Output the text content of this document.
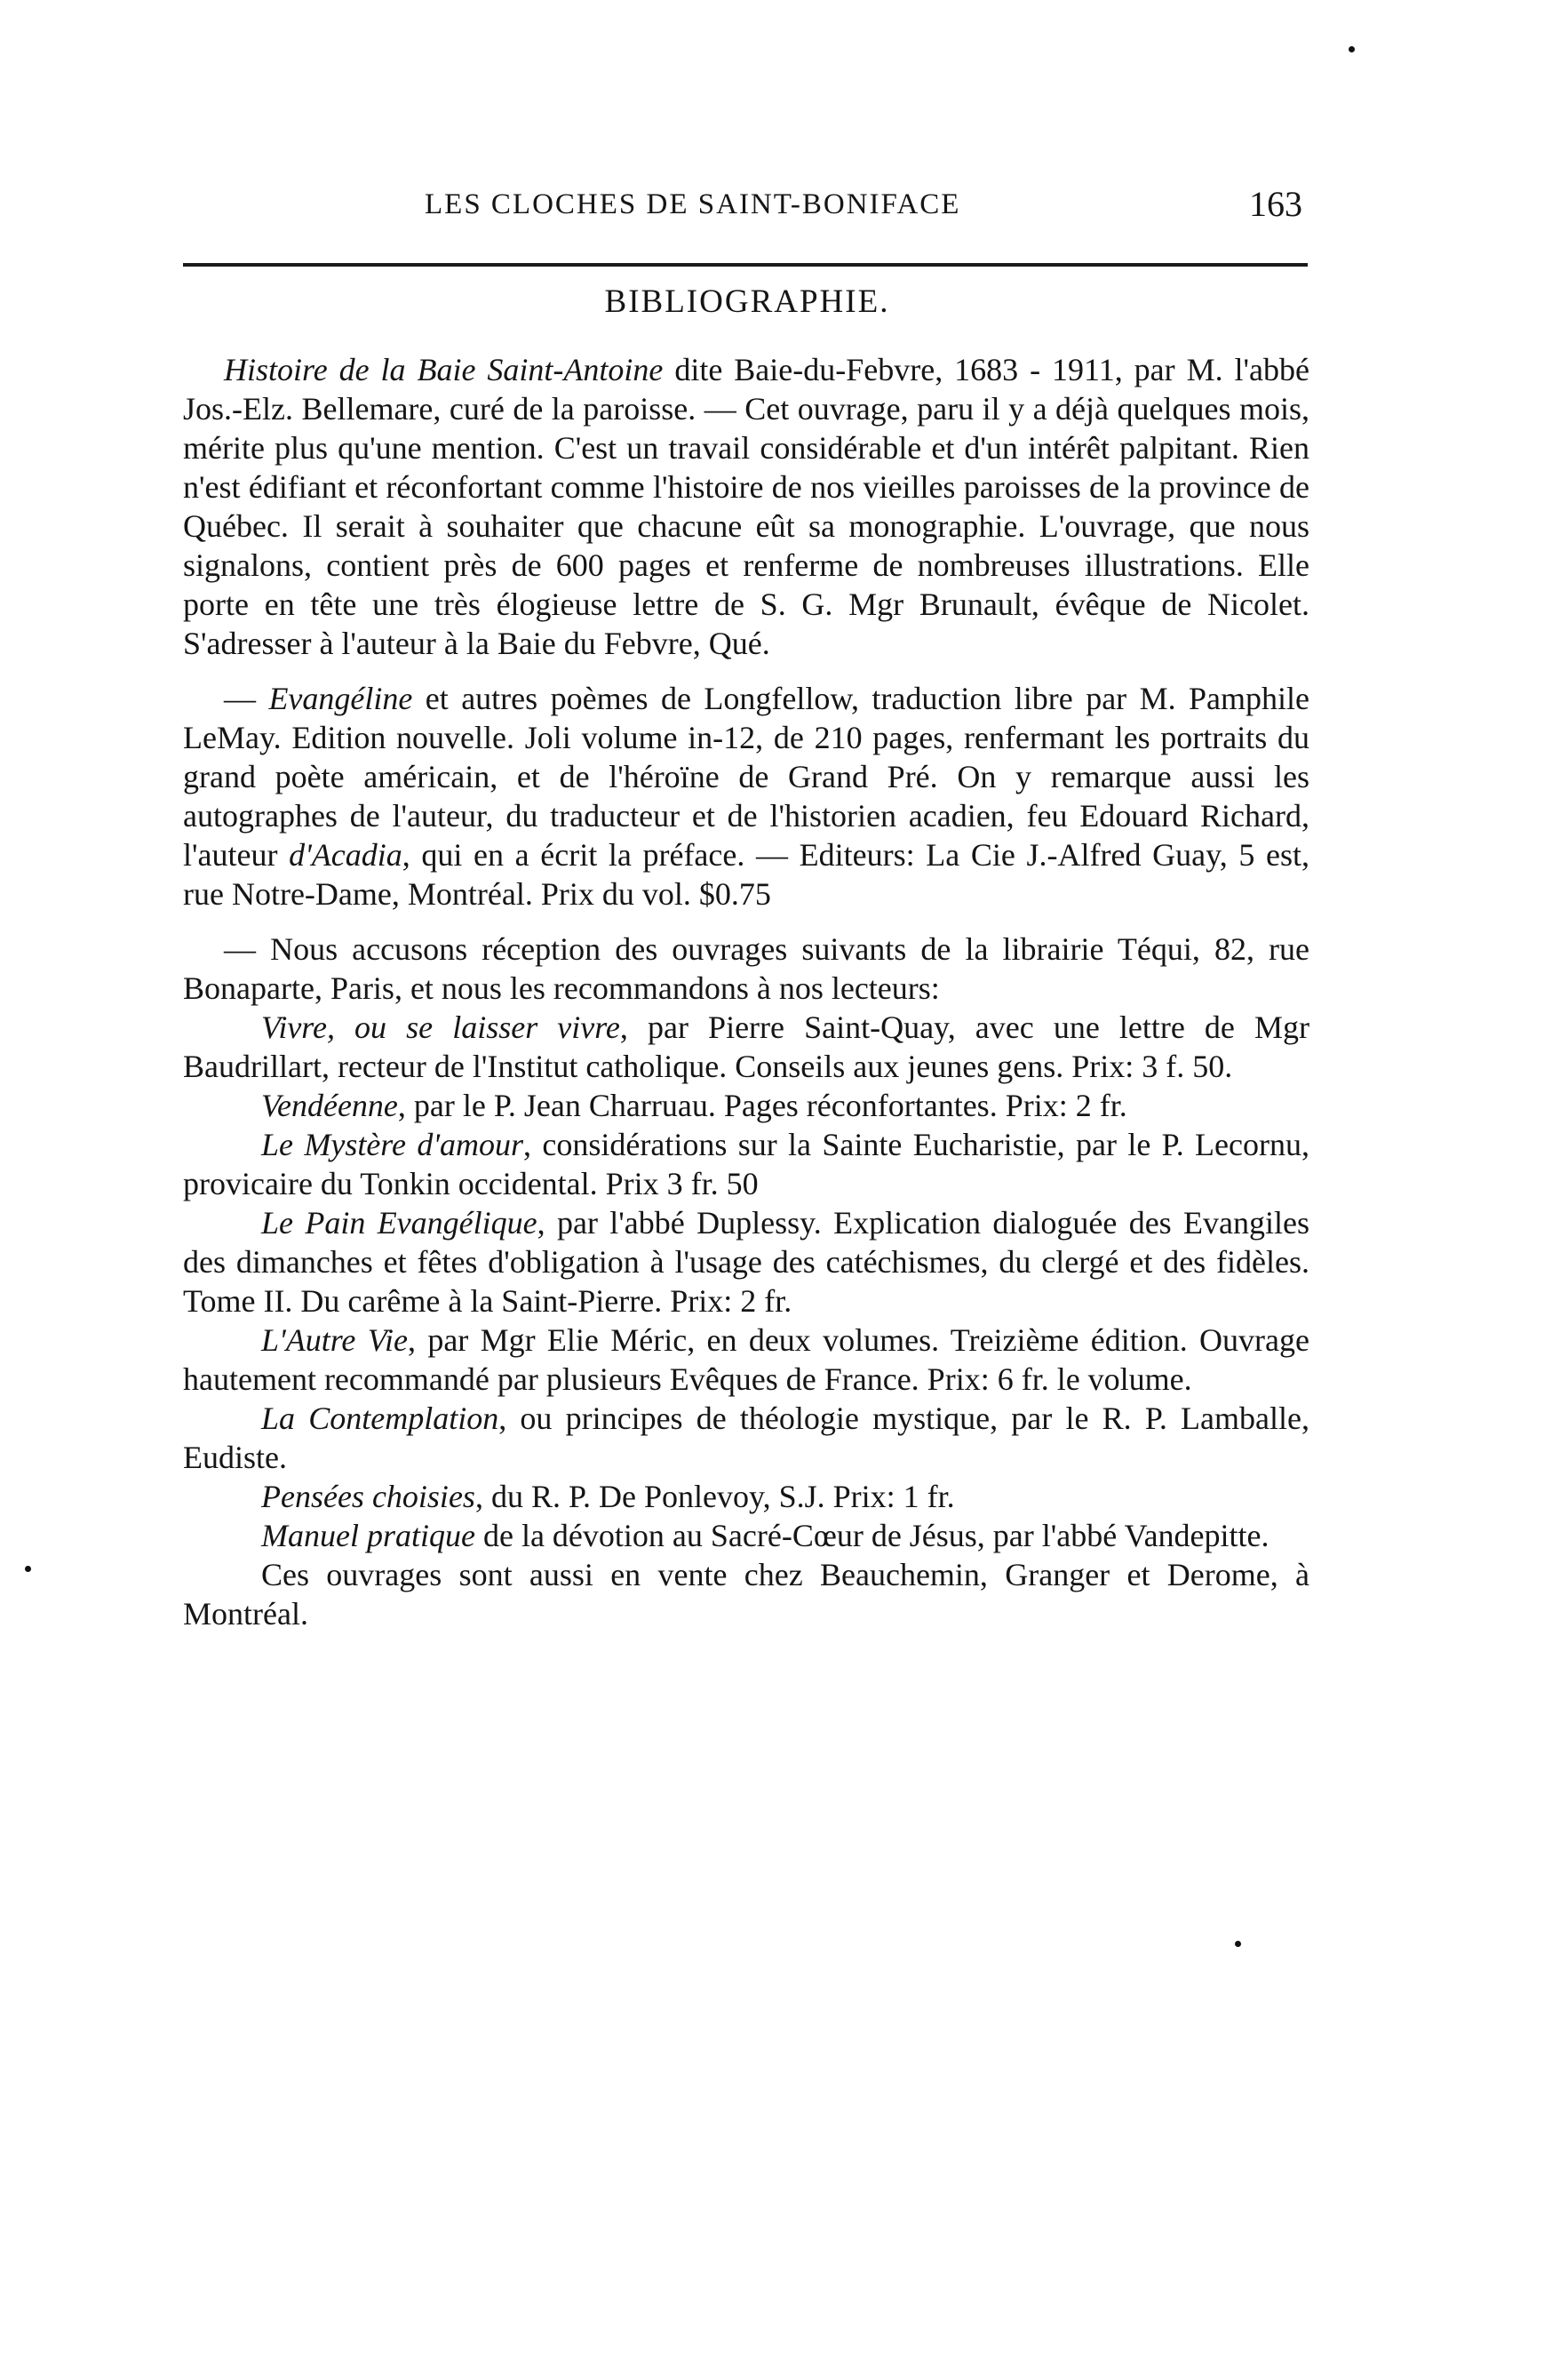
LES CLOCHES DE SAINT-BONIFACE	163
BIBLIOGRAPHIE.

Histoire de la Baie Saint-Antoine dite Baie-du-Febvre, 1683 - 1911, par M. l'abbé Jos.-Elz. Bellemare, curé de la paroisse. — Cet ouvrage, paru il y a déjà quelques mois, mérite plus qu'une mention. C'est un travail considérable et d'un intérêt palpitant. Rien n'est édifiant et réconfortant comme l'histoire de nos vieilles paroisses de la province de Québec. Il serait à souhaiter que chacune eût sa monographie. L'ouvrage, que nous signalons, contient près de 600 pages et renferme de nombreuses illustrations. Elle porte en tête une très élogieuse lettre de S. G. Mgr Brunault, évêque de Nicolet. S'adresser à l'auteur à la Baie du Febvre, Qué.

— Evangéline et autres poèmes de Longfellow, traduction libre par M. Pamphile LeMay. Edition nouvelle. Joli volume in-12, de 210 pages, renfermant les portraits du grand poète américain, et de l'héroïne de Grand Pré. On y remarque aussi les autographes de l'auteur, du traducteur et de l'historien acadien, feu Edouard Richard, l'auteur d'Acadia, qui en a écrit la préface. — Editeurs: La Cie J.-Alfred Guay, 5 est, rue Notre-Dame, Montréal. Prix du vol. $0.75

— Nous accusons réception des ouvrages suivants de la librairie Téqui, 82, rue Bonaparte, Paris, et nous les recommandons à nos lecteurs:

Vivre, ou se laisser vivre, par Pierre Saint-Quay, avec une lettre de Mgr Baudrillart, recteur de l'Institut catholique. Conseils aux jeunes gens. Prix: 3 f. 50.

Vendéenne, par le P. Jean Charruau. Pages réconfortantes. Prix: 2 fr.

Le Mystère d'amour, considérations sur la Sainte Eucharistie, par le P. Lecornu, provicaire du Tonkin occidental. Prix 3 fr. 50

Le Pain Evangélique, par l'abbé Duplessy. Explication dialoguée des Evangiles des dimanches et fêtes d'obligation à l'usage des catéchismes, du clergé et des fidèles. Tome II. Du carême à la Saint-Pierre. Prix: 2 fr.

L'Autre Vie, par Mgr Elie Méric, en deux volumes. Treizième édition. Ouvrage hautement recommandé par plusieurs Evêques de France. Prix: 6 fr. le volume.

La Contemplation, ou principes de théologie mystique, par le R. P. Lamballe, Eudiste.

Pensées choisies, du R. P. De Ponlevoy, S.J. Prix: 1 fr.

Manuel pratique de la dévotion au Sacré-Cœur de Jésus, par l'abbé Vandepitte.

Ces ouvrages sont aussi en vente chez Beauchemin, Granger et Derome, à Montréal.
